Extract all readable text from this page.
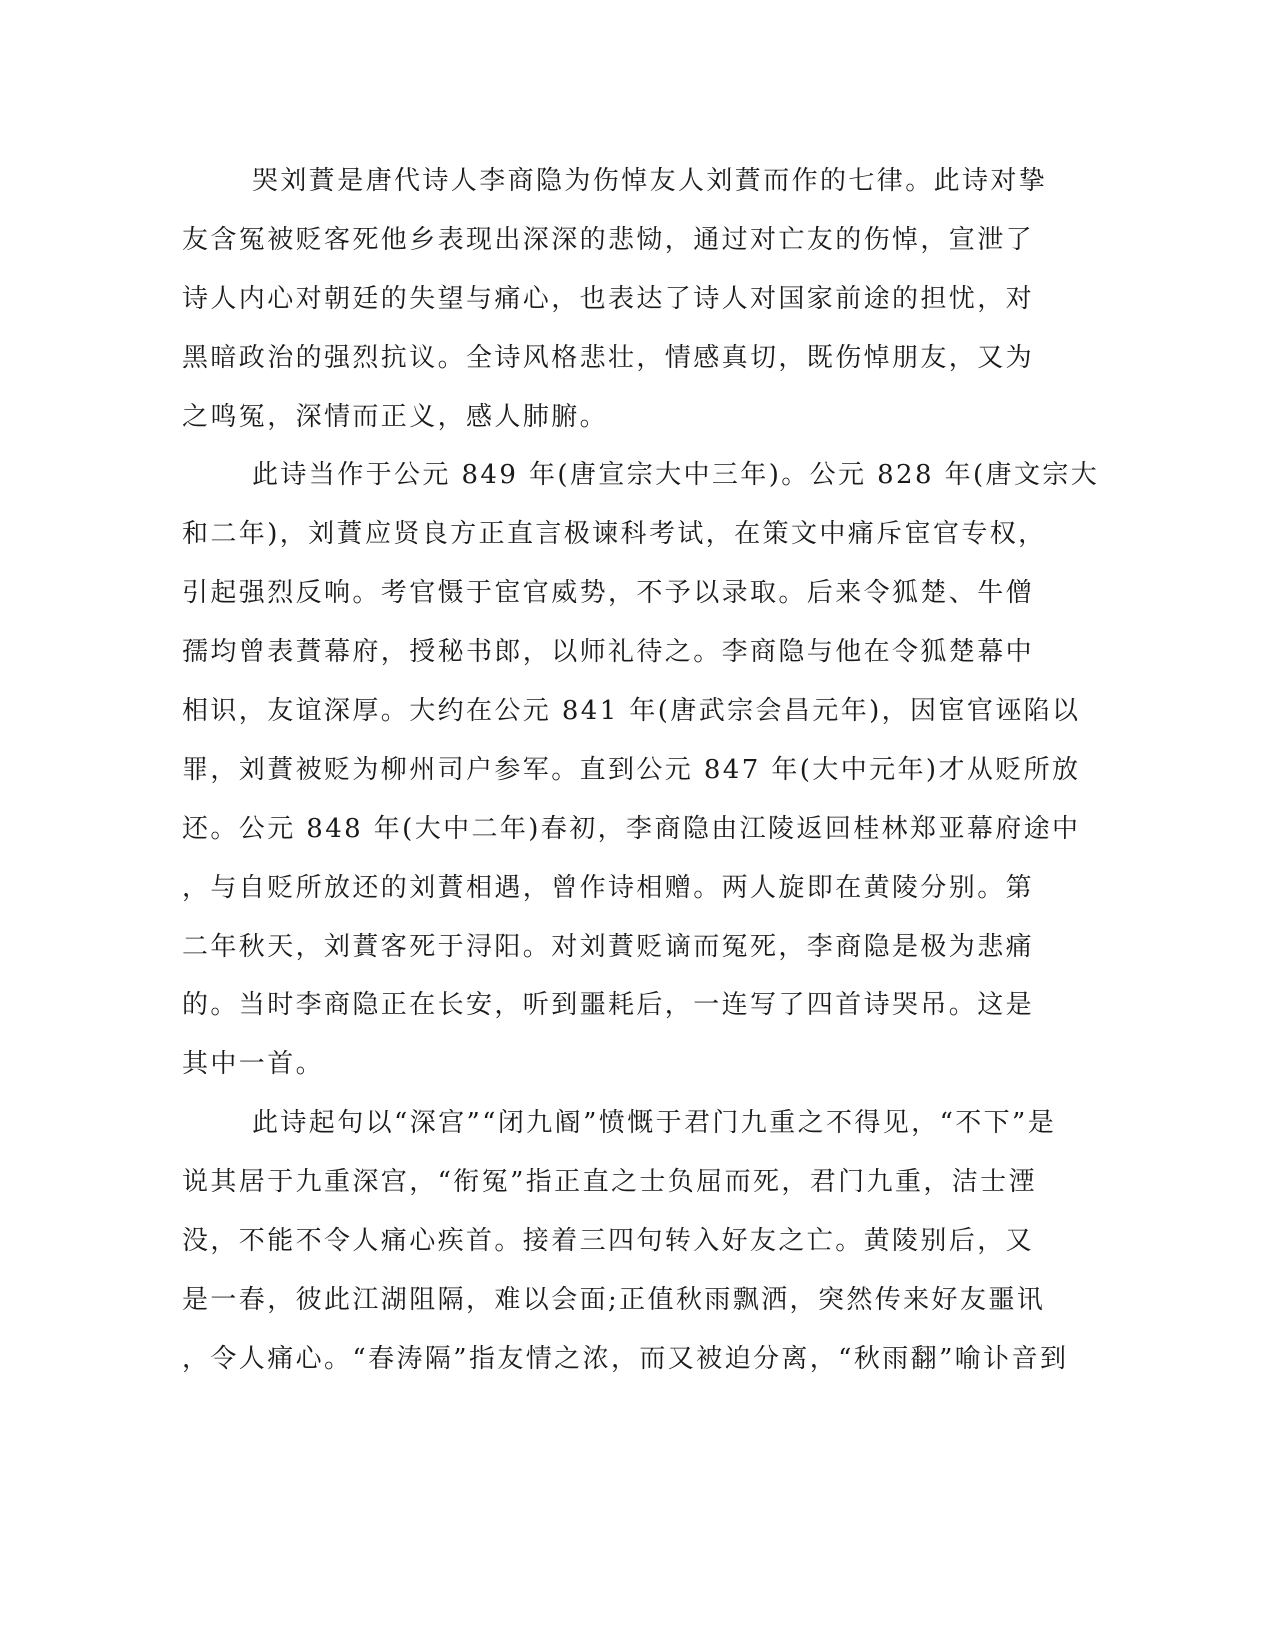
哭刘蕡是唐代诗人李商隐为伤悼友人刘蕡而作的七律。此诗对挚
友含冤被贬客死他乡表现出深深的悲恸，通过对亡友的伤悼，宣泄了
诗人内心对朝廷的失望与痛心，也表达了诗人对国家前途的担忧，对
黑暗政治的强烈抗议。全诗风格悲壮，情感真切，既伤悼朋友，又为
之鸣冤，深情而正义，感人肺腑。
此诗当作于公元 849 年(唐宣宗大中三年)。公元 828 年(唐文宗大
和二年)，刘蕡应贤良方正直言极谏科考试，在策文中痛斥宦官专权，
引起强烈反响。考官慑于宦官威势，不予以录取。后来令狐楚、牛僧
孺均曾表蕡幕府，授秘书郎，以师礼待之。李商隐与他在令狐楚幕中
相识，友谊深厚。大约在公元 841 年(唐武宗会昌元年)，因宦官诬陷以
罪，刘蕡被贬为柳州司户参军。直到公元 847 年(大中元年)才从贬所放
还。公元 848 年(大中二年)春初，李商隐由江陵返回桂林郑亚幕府途中
，与自贬所放还的刘蕡相遇，曾作诗相赠。两人旋即在黄陵分别。第
二年秋天，刘蕡客死于浔阳。对刘蕡贬谪而冤死，李商隐是极为悲痛
的。当时李商隐正在长安，听到噩耗后，一连写了四首诗哭吊。这是
其中一首。
此诗起句以“深宫”“闭九阍”愤慨于君门九重之不得见，“不下”是
说其居于九重深宫，“衔冤”指正直之士负屈而死，君门九重，洁士湮
没，不能不令人痛心疾首。接着三四句转入好友之亡。黄陵别后，又
是一春，彼此江湖阻隔，难以会面;正值秋雨飘洒，突然传来好友噩讯
，令人痛心。“春涛隔”指友情之浓，而又被迫分离，“秋雨翻”喻讣音到
